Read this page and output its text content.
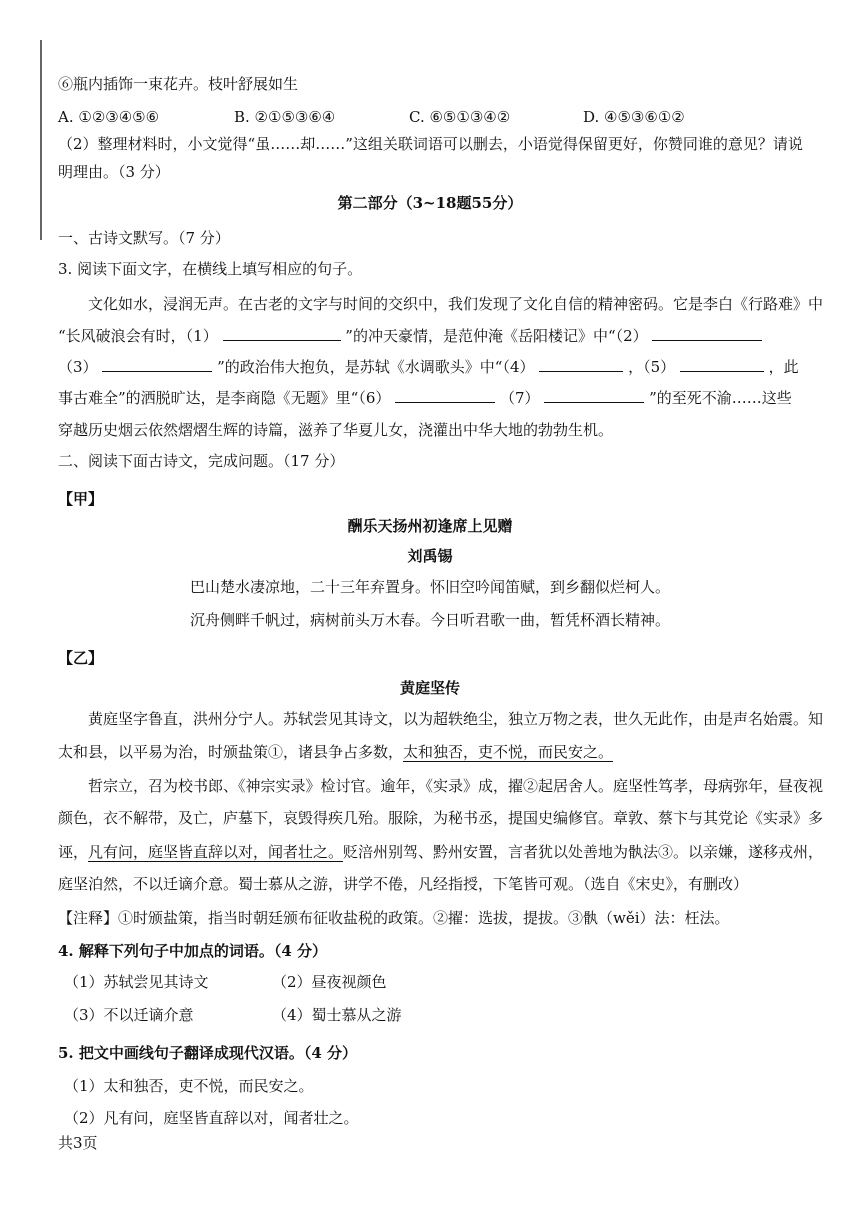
⑥瓶内插饰一束花卉。枝叶舒展如生
A. ①②③④⑤⑥	B. ②①⑤③⑥④	C. ⑥⑤①③④②	D. ④⑤③⑥①②
（2）整理材料时，小文觉得“虽……却……”这组关联词语可以删去，小语觉得保留更好，你赞同谁的意见？请说
明理由。（3 分）
第二部分（3~18题55分）
一、古诗文默写。（7 分）
3. 阅读下面文字，在横线上填写相应的句子。
文化如水，浸润无声。在古老的文字与时间的交织中，我们发现了文化自信的精神密码。它是李白《行路难》中
“长风破浪会有时，（1）	”的冲天豪情，是范仲淹《岳阳楼记》中“（2）
（3）	”的政治伟大抱负，是苏轼《水调歌头》中“（4）	，（5）	，此
事古难全”的洒脱旷达，是李商隐《无题》里“（6）	（7）	”的至死不渝……这些
穿越历史烟云依然熠熠生辉的诗篇，滋养了华夏儿女，浇灌出中华大地的勃勃生机。
二、阅读下面古诗文，完成问题。（17 分）
【甲】
酬乐天扬州初逢席上见赠
刘禹锡
巴山楚水凄凉地，二十三年弃置身。怀旧空吟闻笛赋，到乡翻似烂柯人。
沉舟侧畔千帆过，病树前头万木春。今日听君歌一曲，暂凭杯酒长精神。
【乙】
黄庭坚传
黄庭坚字鲁直，洪州分宁人。苏轼尝见其诗文，以为超轶绝尘，独立万物之表，世久无此作，由是声名始震。知
太和县，以平易为治，时颁盐策①，诸县争占多数，太和独否，吏不悦，而民安之。
哲宗立，召为校书郎、《神宗实录》检讨官。逾年，《实录》成，擢②起居舍人。庭坚性笃孝，母病弥年，昼夜视
颜色，衣不解带，及亡，庐墓下，哀毁得疾几殆。服除，为秘书丞，提国史编修官。章敦、蔡卞与其党论《实录》多
诬，凡有问，庭坚皆直辞以对，闻者壮之。贬涪州别驾、黔州安置，言者犹以处善地为骫法③。以亲嫌，遂移戎州，
庭坚泊然，不以迁谪介意。蜀士慕从之游，讲学不倦，凡经指授，下笔皆可观。（选自《宋史》，有删改）
【注释】①时颁盐策，指当时朝廷颁布征收盐税的政策。②擢：选拔，提拔。③骫（wěi）法：枉法。
4. 解释下列句子中加点的词语。（4 分）
（1）苏轼尝见其诗文	（2）昼夜视颜色
（3）不以迁谪介意	（4）蜀士慕从之游
5. 把文中画线句子翻译成现代汉语。（4 分）
（1）太和独否，吏不悦，而民安之。
（2）凡有问，庭坚皆直辞以对，闻者壮之。
共3页
